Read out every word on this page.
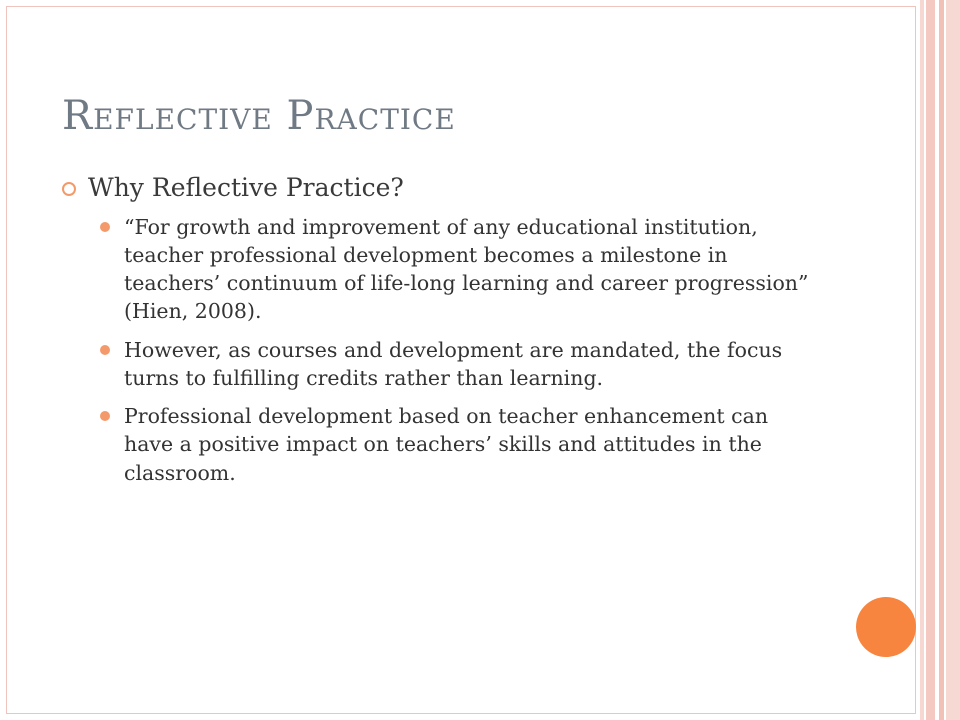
Reflective Practice
Why Reflective Practice?
“For growth and improvement of any educational institution, teacher professional development becomes a milestone in teachers’ continuum of life-long learning and career progression” (Hien, 2008).
However, as courses and development are mandated, the focus turns to fulfilling credits rather than learning.
Professional development based on teacher enhancement can have a positive impact on teachers’ skills and attitudes in the classroom.
